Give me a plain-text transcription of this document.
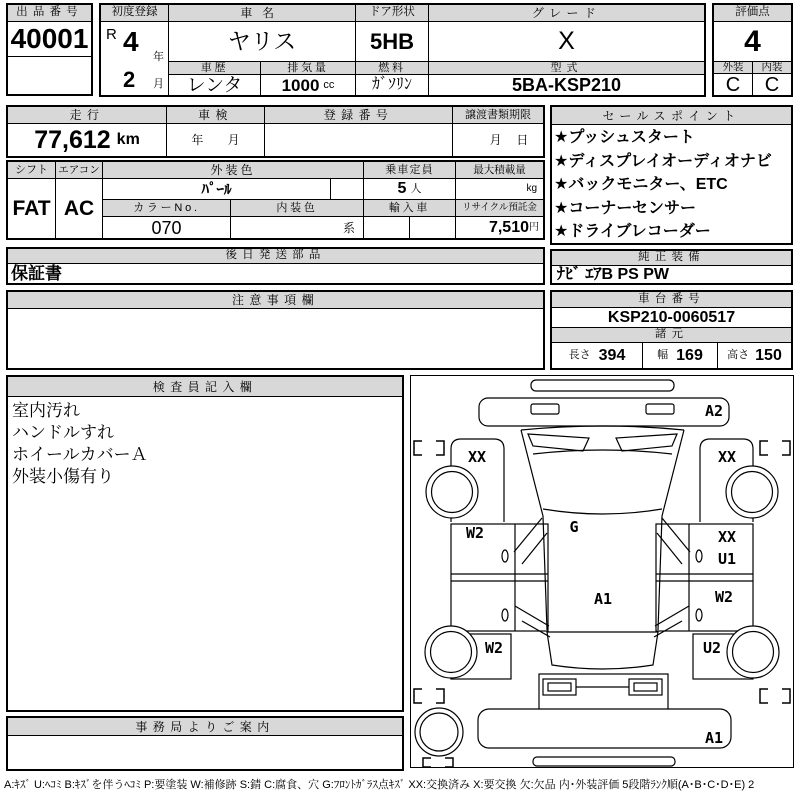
出品番号
40001
初度登録
R 4 年
2 月
車名
ヤリス
車歴
レンタ
排気量
1000 cc
ドア形状
5HB
燃料
ｶﾞｿﾘﾝ
グレード
X
型式
5BA-KSP210
評価点
4
外装	内装
C	C
走行
77,612 km
車検
年 月
登録番号	譲渡書類期限
月 日
シフト
FAT
エアコン
AC
外装色
ﾊﾟｰﾙ
カラーNo.	内装色
070	系
乗車定員
5 人
輸入車
最大積載量
kg
リサイクル預託金
7,510 円
セールスポイント
★プッシュスタート
★ディスプレイオーディオナビ
★バックモニター、ETC
★コーナーセンサー
★ドライブレコーダー
後日発送部品
保証書
純正装備
ﾅﾋﾞ ｴｱB PS PW
注意事項欄	車台番号
KSP210-0060517
諸元
長さ 394	幅 169 高さ 150
検査員記入欄
室内汚れ
ハンドルすれ
ホイールカバーＡ
外装小傷有り
事務局よりご案内
A2
XX	XX
G
W2	XX
U1
A1	W2
W2	U2
A1
A:ｷｽﾞ U:ﾍｺﾐ B:ｷｽﾞを伴うﾍｺﾐ P:要塗装 W:補修跡 S:錆 C:腐食、穴 G:ﾌﾛﾝﾄｶﾞﾗｽ点ｷｽﾞ XX:交換済み X:要交換 欠:欠品 内･外装評価 5段階ﾗﾝｸ順(A･B･C･D･E) 2
